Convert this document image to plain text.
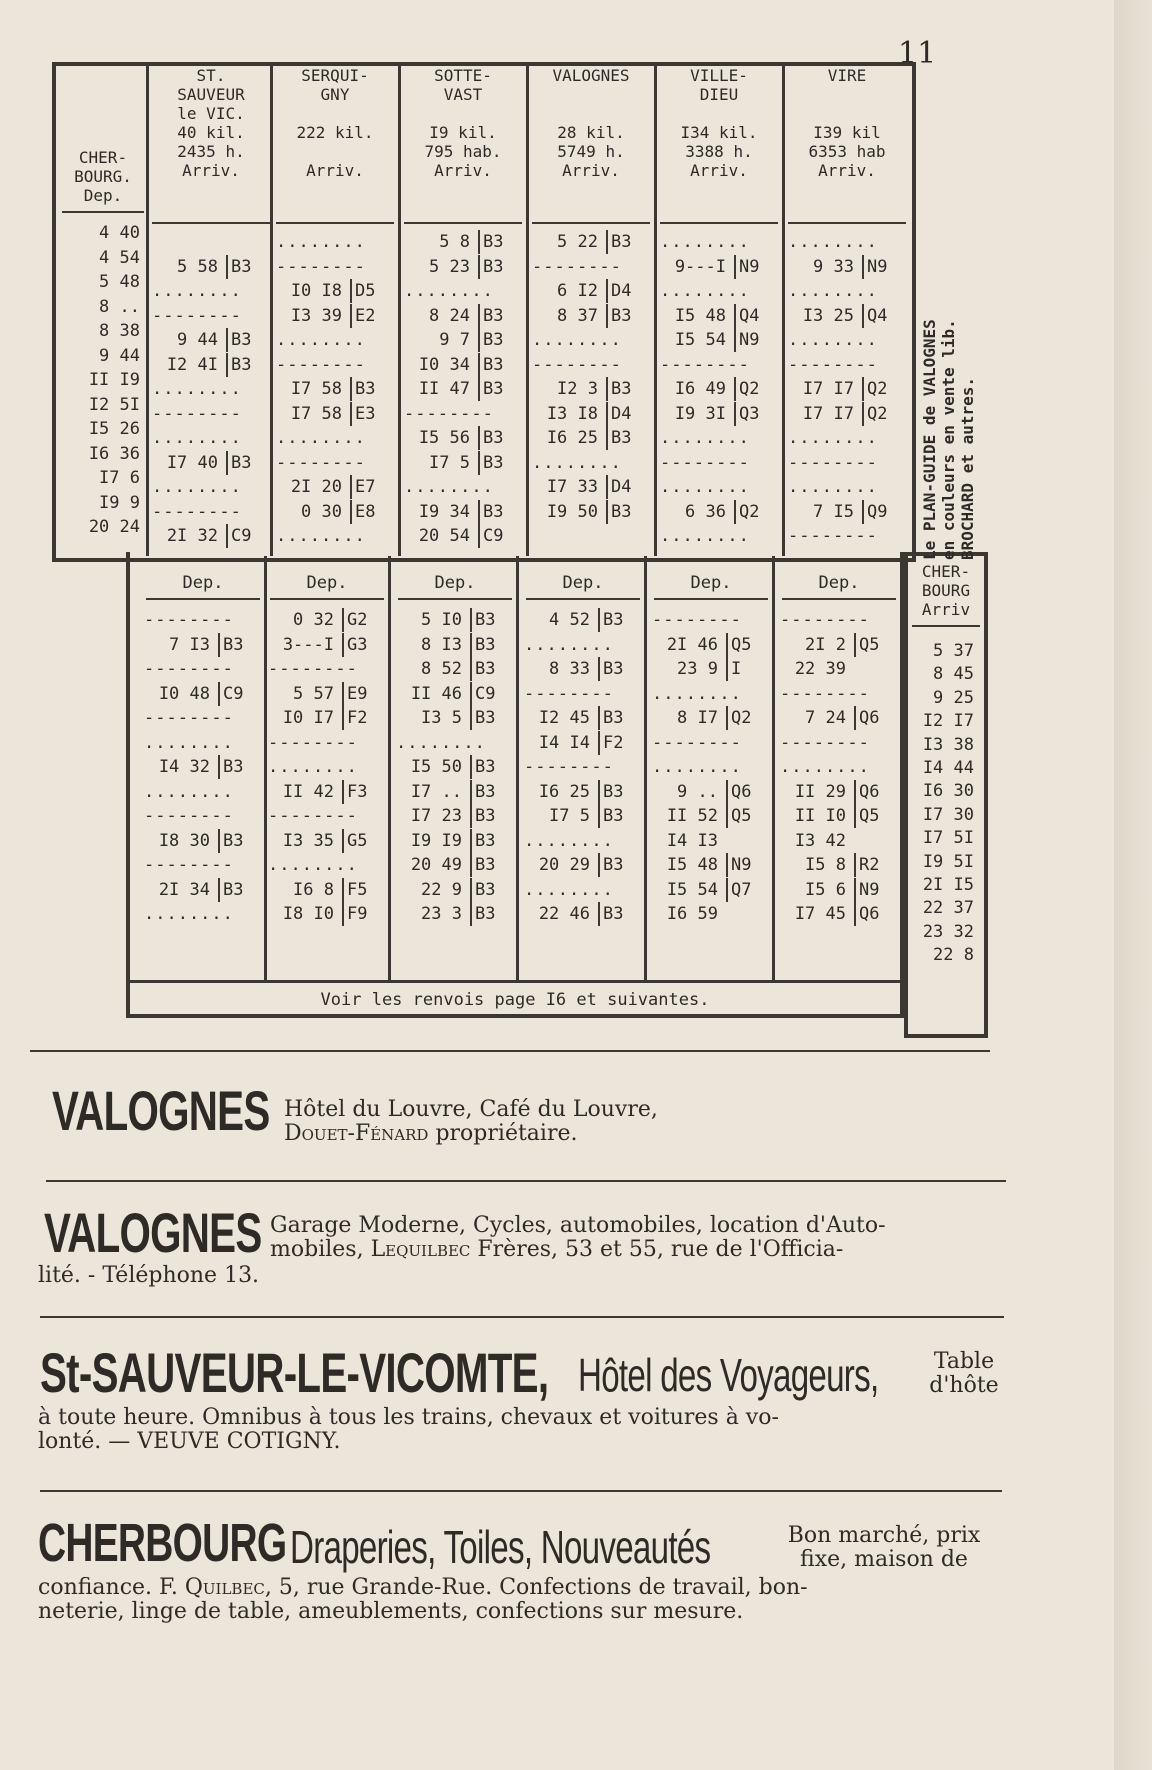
11
CHER-
BOURG
Arriv
5 37
8 45
9 25
I2 I7
I3 38
I4 44
I6 30
I7 30
I7 5I
I9 5I
2I I5
22 37
23 32
22 8
CHER-
BOURG.
Dep.
4 40
4 54
5 48
8 ..
8 38
9 44
II I9
I2 5I
I5 26
I6 36
I7 6
I9 9
20 24
ST.
SAUVEUR
le VIC.
40 kil.
2435 h.
Arriv.
5 58 B3
........
--------
9 44 B3
I2 4I B3
........
--------
........
I7 40 B3
........
--------
2I 32 C9
Dep.
--------
7 I3 B3
--------
I0 48 C9
--------
........
I4 32 B3
........
--------
I8 30 B3
--------
2I 34 B3
........
SERQUI-
GNY

222 kil.

Arriv.
........
--------
I0 I8 D5
I3 39 E2
........
--------
I7 58 B3
I7 58 E3
........
--------
2I 20 E7
0 30 E8
........
Dep.
0 32 G2
3---I G3
--------
5 57 E9
I0 I7 F2
--------
........
II 42 F3
--------
I3 35 G5
........
I6 8 F5
I8 I0 F9
SOTTE-
VAST

I9 kil.
795 hab.
Arriv.
5 8 B3
5 23 B3
........
8 24 B3
9 7 B3
I0 34 B3
II 47 B3
--------
I5 56 B3
I7 5 B3
........
I9 34 B3
20 54 C9
Dep.
5 I0 B3
8 I3 B3
8 52 B3
II 46 C9
I3 5 B3
........
I5 50 B3
I7 .. B3
I7 23 B3
I9 I9 B3
20 49 B3
22 9 B3
23 3 B3
VALOGNES

28 kil.
5749 h.
Arriv.
5 22 B3
--------
6 I2 D4
8 37 B3
........
--------
I2 3 B3
I3 I8 D4
I6 25 B3
........
I7 33 D4
I9 50 B3
Dep.
4 52 B3
........
8 33 B3
--------
I2 45 B3
I4 I4 F2
--------
I6 25 B3
I7 5 B3
........
20 29 B3
........
22 46 B3
VILLE-
DIEU

I34 kil.
3388 h.
Arriv.
........
9---I N9
........
I5 48 Q4
I5 54 N9
--------
I6 49 Q2
I9 3I Q3
........
--------
........
6 36 Q2
........
Dep.
--------
2I 46 Q5
23 9 I
........
8 I7 Q2
--------
........
9 .. Q6
II 52 Q5
I4 I3
I5 48 N9
I5 54 Q7
I6 59
VIRE

I39 kil
6353 hab
Arriv.
........
9 33 N9
........
I3 25 Q4
........
--------
I7 I7 Q2
I7 I7 Q2
........
--------
........
7 I5 Q9
--------
Dep.
--------
2I 2 Q5
22 39
--------
7 24 Q6
--------
........
II 29 Q6
II I0 Q5
I3 42
I5 8 R2
I5 6 N9
I7 45 Q6
Le PLAN-GUIDE de VALOGNES
en couleurs en vente lib.
BROCHARD et autres.
Voir les renvois page I6 et suivantes.
VALOGNES Hôtel du Louvre, Café du Louvre,
Douet-Fénard propriétaire.
VALOGNES Garage Moderne, Cycles, automobiles, location d'Auto-
mobiles, Lequilbec Frères, 53 et 55, rue de l'Officia-
lité. - Téléphone 13.
St-SAUVEUR-LE-VICOMTE, Hôtel des Voyageurs,	Table
d'hôte
à toute heure. Omnibus à tous les trains, chevaux et voitures à vo-
lonté. — VEUVE COTIGNY.
CHERBOURG Draperies, Toiles, Nouveautés	Bon marché, prix
fixe, maison de
confiance. F. Quilbec, 5, rue Grande-Rue. Confections de travail, bon-
neterie, linge de table, ameublements, confections sur mesure.
